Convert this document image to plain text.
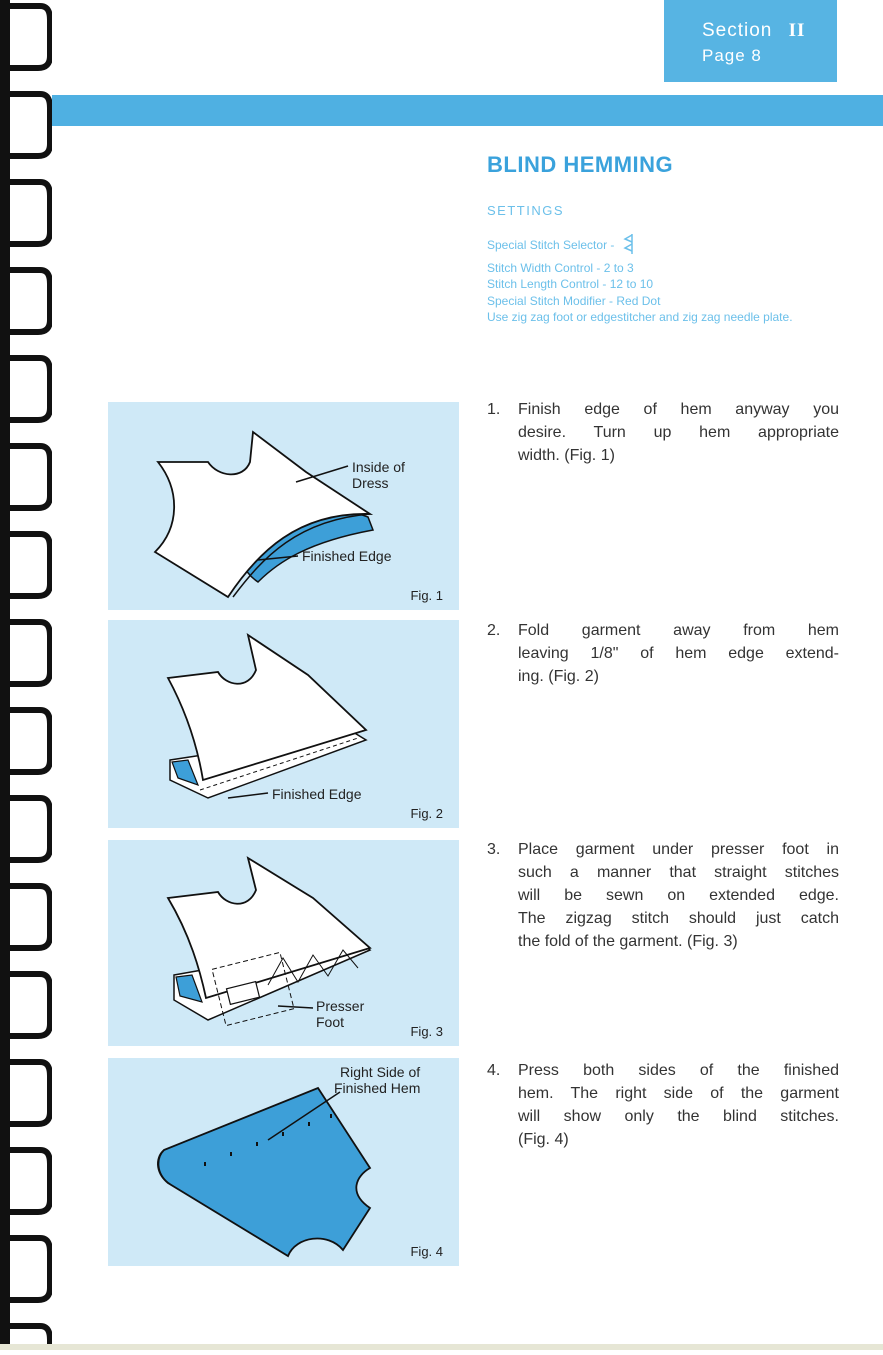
Section II
Page 8
BLIND HEMMING
SETTINGS
Special Stitch Selector -
Stitch Width Control - 2 to 3
Stitch Length Control - 12 to 10
Special Stitch Modifier - Red Dot
Use zig zag foot or edgestitcher and zig zag needle plate.
Inside of
Dress
Finished Edge
Fig. 1
Finished Edge
Fig. 2
Presser
Foot
Fig. 3
Right Side of
Finished Hem
Fig. 4
1. Finish edge of hem anyway you
desire. Turn up hem appropriate
width. (Fig. 1)
2. Fold garment away from hem
leaving 1/8" of hem edge extend-
ing. (Fig. 2)
3. Place garment under presser foot in
such a manner that straight stitches
will be sewn on extended edge.
The zigzag stitch should just catch
the fold of the garment. (Fig. 3)
4. Press both sides of the finished
hem. The right side of the garment
will show only the blind stitches.
(Fig. 4)
